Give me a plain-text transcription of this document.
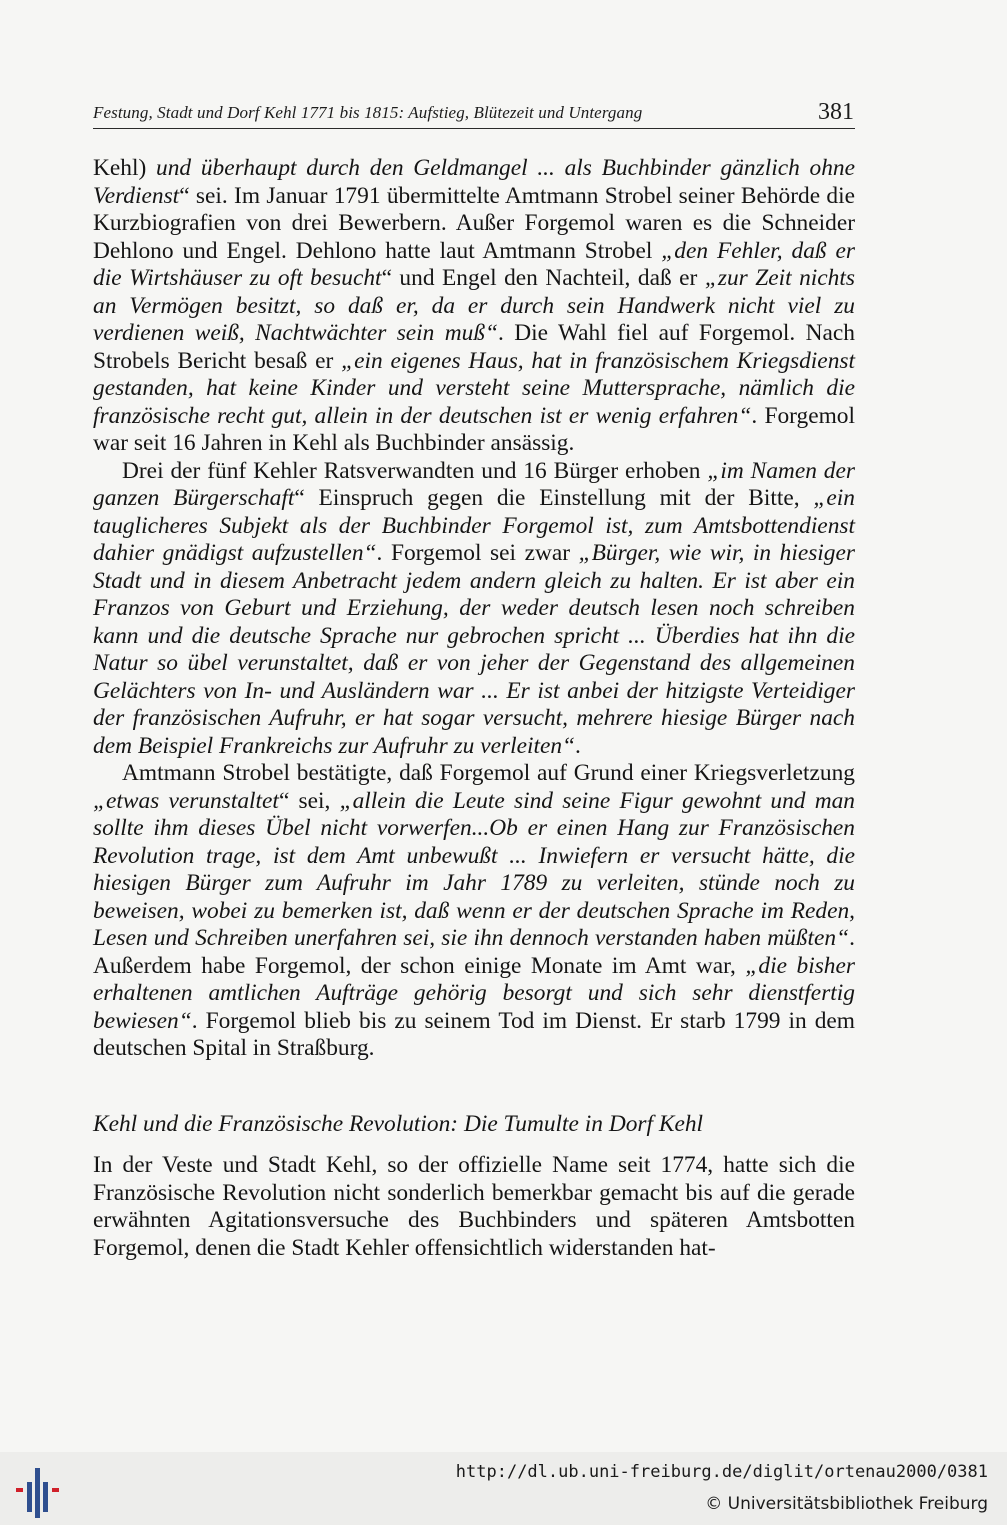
Festung, Stadt und Dorf Kehl 1771 bis 1815: Aufstieg, Blütezeit und Untergang	381

Kehl) und überhaupt durch den Geldmangel ... als Buchbinder gänzlich ohne Verdienst“ sei. Im Januar 1791 übermittelte Amtmann Strobel seiner Behörde die Kurzbiografien von drei Bewerbern. Außer Forgemol waren es die Schneider Dehlono und Engel. Dehlono hatte laut Amtmann Strobel „den Fehler, daß er die Wirtshäuser zu oft besucht“ und Engel den Nachteil, daß er „zur Zeit nichts an Vermögen besitzt, so daß er, da er durch sein Handwerk nicht viel zu verdienen weiß, Nachtwächter sein muß“. Die Wahl fiel auf Forgemol. Nach Strobels Bericht besaß er „ein eigenes Haus, hat in französischem Kriegsdienst gestanden, hat keine Kinder und versteht seine Muttersprache, nämlich die französische recht gut, allein in der deutschen ist er wenig erfahren“. Forgemol war seit 16 Jahren in Kehl als Buchbinder ansässig.

Drei der fünf Kehler Ratsverwandten und 16 Bürger erhoben „im Namen der ganzen Bürgerschaft“ Einspruch gegen die Einstellung mit der Bitte, „ein tauglicheres Subjekt als der Buchbinder Forgemol ist, zum Amtsbottendienst dahier gnädigst aufzustellen“. Forgemol sei zwar „Bürger, wie wir, in hiesiger Stadt und in diesem Anbetracht jedem andern gleich zu halten. Er ist aber ein Franzos von Geburt und Erziehung, der weder deutsch lesen noch schreiben kann und die deutsche Sprache nur gebrochen spricht ... Überdies hat ihn die Natur so übel verunstaltet, daß er von jeher der Gegenstand des allgemeinen Gelächters von In- und Ausländern war ... Er ist anbei der hitzigste Verteidiger der französischen Aufruhr, er hat sogar versucht, mehrere hiesige Bürger nach dem Beispiel Frankreichs zur Aufruhr zu verleiten“.

Amtmann Strobel bestätigte, daß Forgemol auf Grund einer Kriegsverletzung „etwas verunstaltet“ sei, „allein die Leute sind seine Figur gewohnt und man sollte ihm dieses Übel nicht vorwerfen...Ob er einen Hang zur Französischen Revolution trage, ist dem Amt unbewußt ... Inwiefern er versucht hätte, die hiesigen Bürger zum Aufruhr im Jahr 1789 zu verleiten, stünde noch zu beweisen, wobei zu bemerken ist, daß wenn er der deutschen Sprache im Reden, Lesen und Schreiben unerfahren sei, sie ihn dennoch verstanden haben müßten“. Außerdem habe Forgemol, der schon einige Monate im Amt war, „die bisher erhaltenen amtlichen Aufträge gehörig besorgt und sich sehr dienstfertig bewiesen“. Forgemol blieb bis zu seinem Tod im Dienst. Er starb 1799 in dem deutschen Spital in Straßburg.

Kehl und die Französische Revolution: Die Tumulte in Dorf Kehl

In der Veste und Stadt Kehl, so der offizielle Name seit 1774, hatte sich die Französische Revolution nicht sonderlich bemerkbar gemacht bis auf die gerade erwähnten Agitationsversuche des Buchbinders und späteren Amtsbotten Forgemol, denen die Stadt Kehler offensichtlich widerstanden hat-

http://dl.ub.uni-freiburg.de/diglit/ortenau2000/0381
© Universitätsbibliothek Freiburg
